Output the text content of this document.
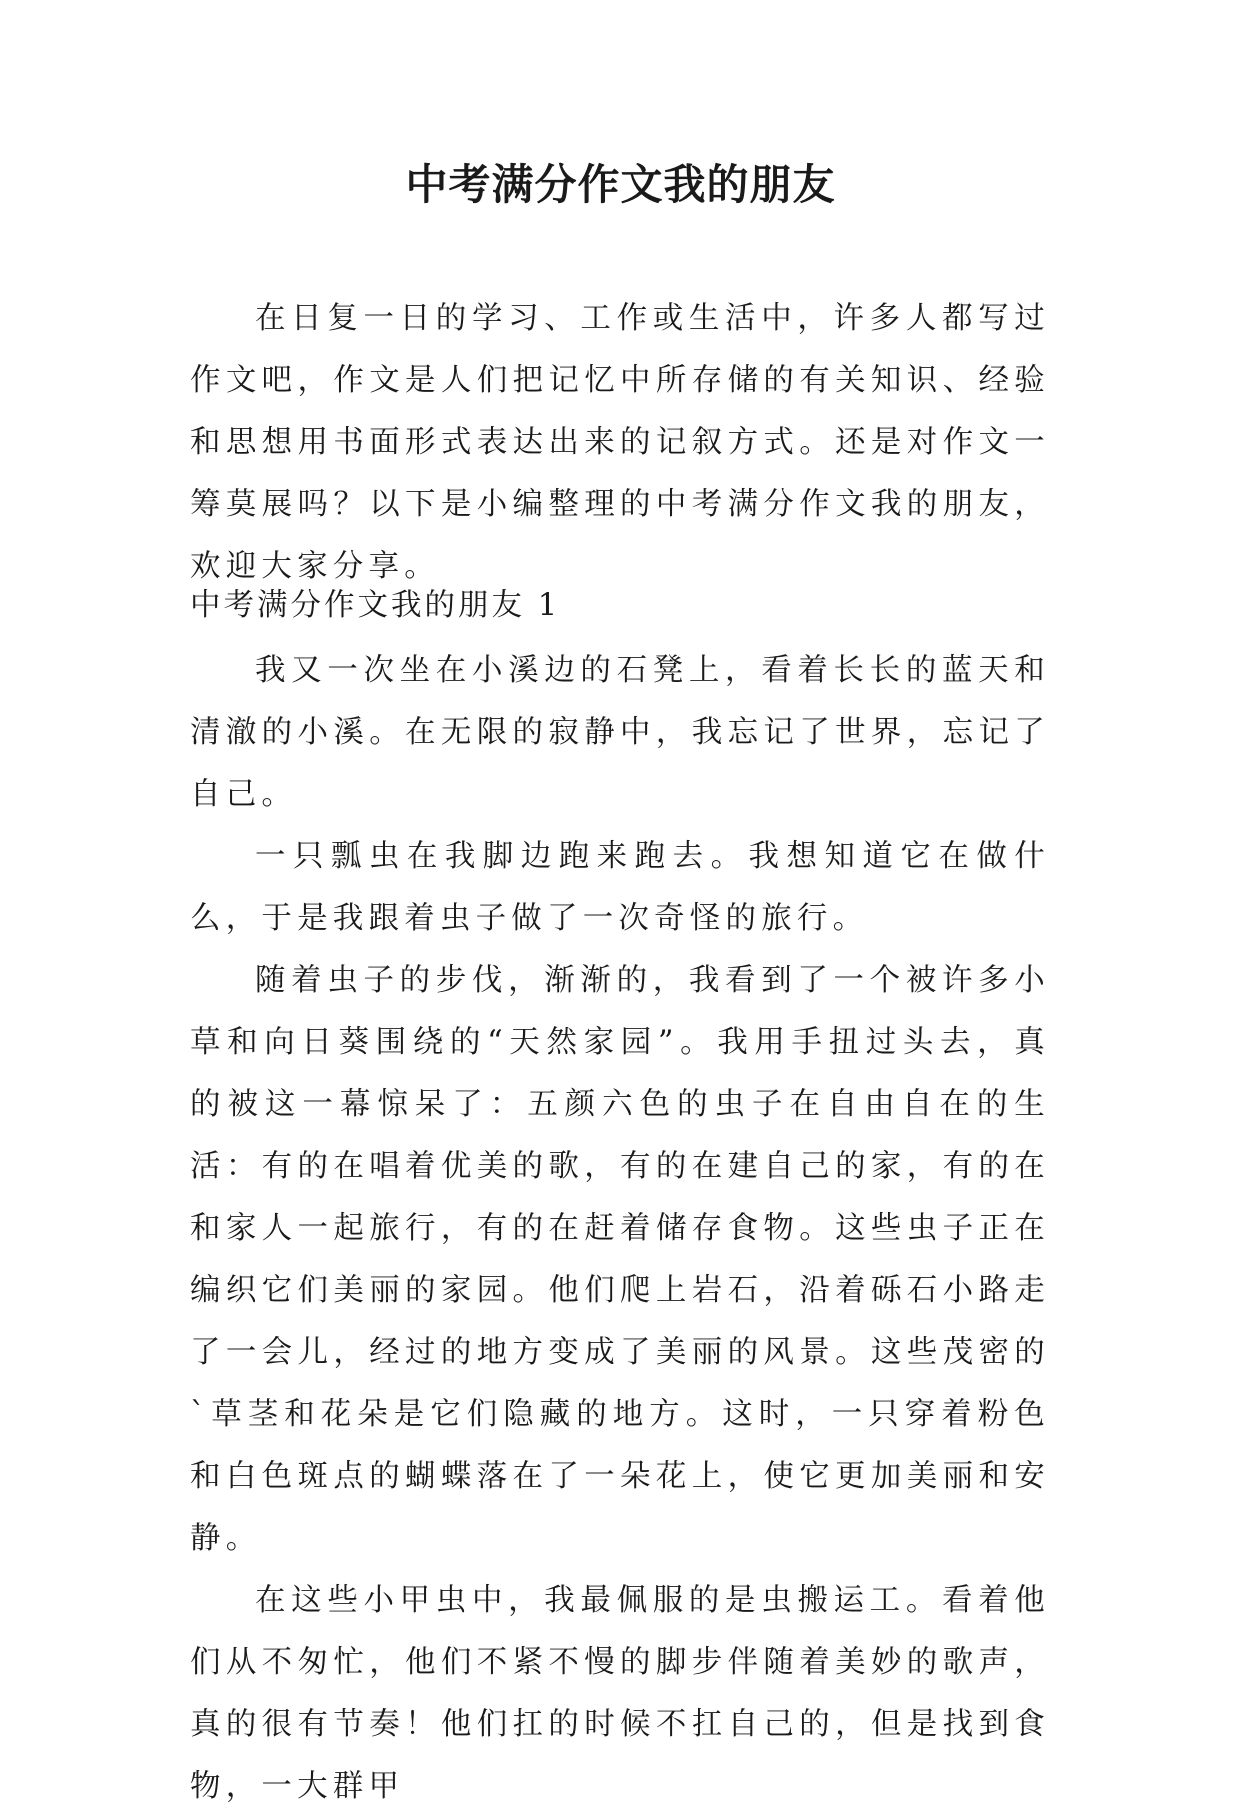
中考满分作文我的朋友

在日复一日的学习、工作或生活中，许多人都写过作文吧，作文是人们把记忆中所存储的有关知识、经验和思想用书面形式表达出来的记叙方式。还是对作文一筹莫展吗？以下是小编整理的中考满分作文我的朋友，欢迎大家分享。

中考满分作文我的朋友 1

我又一次坐在小溪边的石凳上，看着长长的蓝天和清澈的小溪。在无限的寂静中，我忘记了世界，忘记了自己。

一只瓢虫在我脚边跑来跑去。我想知道它在做什么，于是我跟着虫子做了一次奇怪的旅行。

随着虫子的步伐，渐渐的，我看到了一个被许多小草和向日葵围绕的“天然家园”。我用手扭过头去，真的被这一幕惊呆了：五颜六色的虫子在自由自在的生活：有的在唱着优美的歌，有的在建自己的家，有的在和家人一起旅行，有的在赶着储存食物。这些虫子正在编织它们美丽的家园。他们爬上岩石，沿着砾石小路走了一会儿，经过的地方变成了美丽的风景。这些茂密的`草茎和花朵是它们隐藏的地方。这时，一只穿着粉色和白色斑点的蝴蝶落在了一朵花上，使它更加美丽和安静。

在这些小甲虫中，我最佩服的是虫搬运工。看着他们从不匆忙，他们不紧不慢的脚步伴随着美妙的歌声，真的很有节奏！他们扛的时候不扛自己的，但是找到食物，一大群甲
